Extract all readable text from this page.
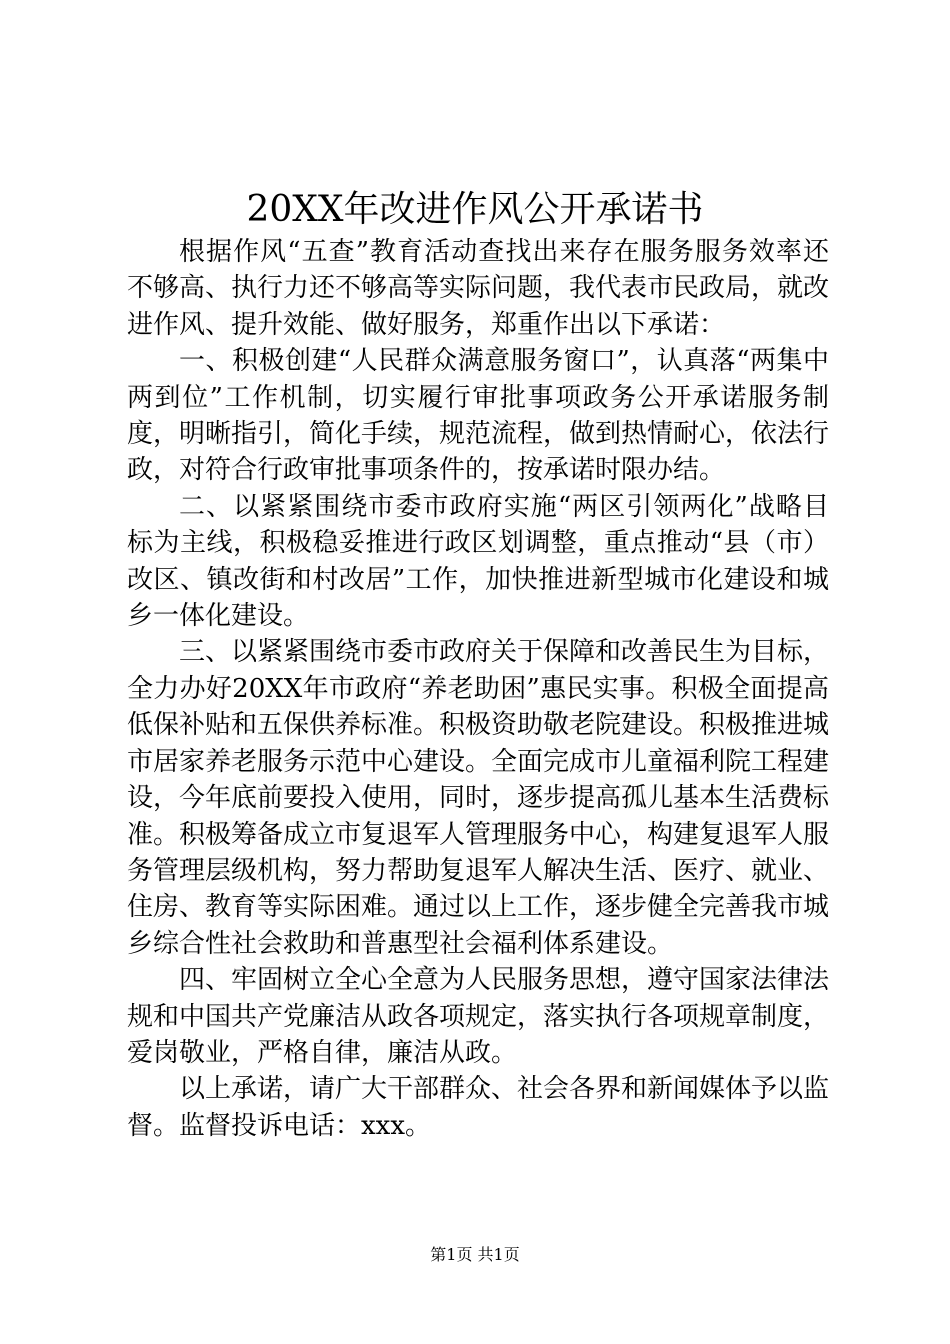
20XX年改进作风公开承诺书

根据作风“五查”教育活动查找出来存在服务服务效率还不够高、执行力还不够高等实际问题，我代表市民政局，就改进作风、提升效能、做好服务，郑重作出以下承诺：

一、积极创建“人民群众满意服务窗口”，认真落“两集中两到位”工作机制，切实履行审批事项政务公开承诺服务制度，明晰指引，简化手续，规范流程，做到热情耐心，依法行政，对符合行政审批事项条件的，按承诺时限办结。

二、以紧紧围绕市委市政府实施“两区引领两化”战略目标为主线，积极稳妥推进行政区划调整，重点推动“县（市）改区、镇改街和村改居”工作，加快推进新型城市化建设和城乡一体化建设。

三、以紧紧围绕市委市政府关于保障和改善民生为目标，全力办好20XX年市政府“养老助困”惠民实事。积极全面提高低保补贴和五保供养标准。积极资助敬老院建设。积极推进城市居家养老服务示范中心建设。全面完成市儿童福利院工程建设，今年底前要投入使用，同时，逐步提高孤儿基本生活费标准。积极筹备成立市复退军人管理服务中心，构建复退军人服务管理层级机构，努力帮助复退军人解决生活、医疗、就业、住房、教育等实际困难。通过以上工作，逐步健全完善我市城乡综合性社会救助和普惠型社会福利体系建设。

四、牢固树立全心全意为人民服务思想，遵守国家法律法规和中国共产党廉洁从政各项规定，落实执行各项规章制度，爱岗敬业，严格自律，廉洁从政。

以上承诺，请广大干部群众、社会各界和新闻媒体予以监督。监督投诉电话：xxx。

第1页 共1页
